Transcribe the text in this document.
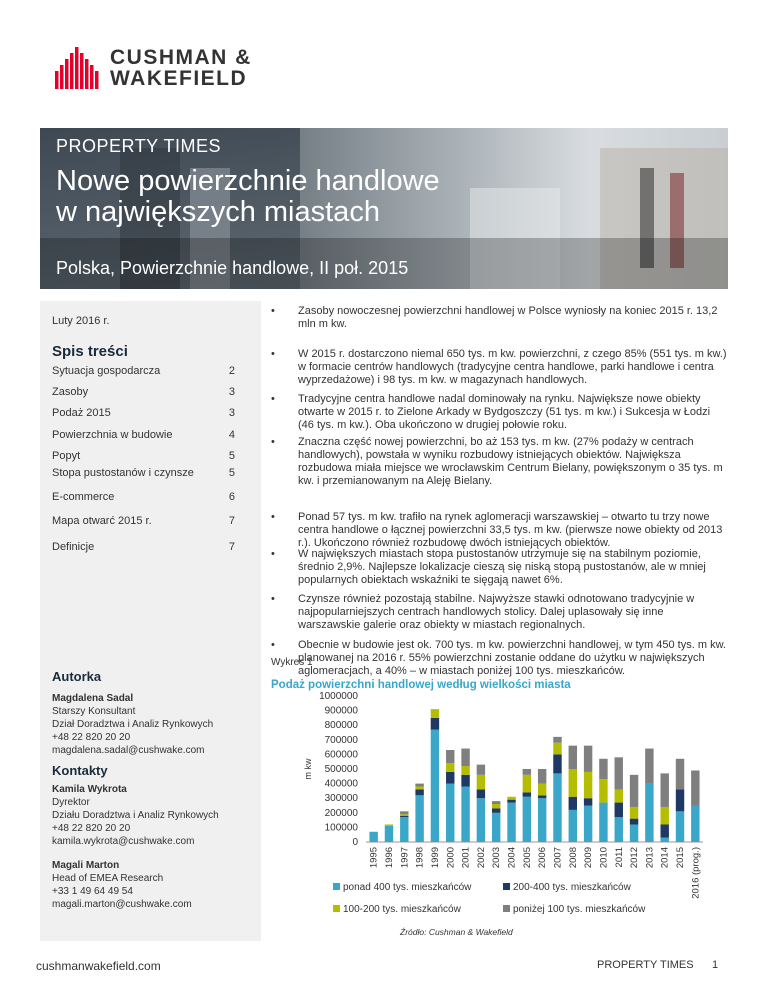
CUSHMAN &
WAKEFIELD
PROPERTY TIMES
Nowe powierzchnie handlowe
w największych miastach
Polska, Powierzchnie handlowe, II poł. 2015
Luty 2016 r.
Spis treści
Sytuacja gospodarcza	2
Zasoby	3
Podaż 2015	3
Powierzchnia w budowie	4
Popyt	5
Stopa pustostanów i czynsze	5
E-commerce	6
Mapa otwarć 2015 r.	7
Definicje	7
Autorka
Magdalena Sadal
Starszy Konsultant
Dział Doradztwa i Analiz Rynkowych
+48 22 820 20 20
magdalena.sadal@cushwake.com
Kontakty
Kamila Wykrota
Dyrektor
Działu Doradztwa i Analiz Rynkowych
+48 22 820 20 20
kamila.wykrota@cushwake.com
Magali Marton
Head of EMEA Research
+33 1 49 64 49 54
magali.marton@cushwake.com
• Zasoby nowoczesnej powierzchni handlowej w Polsce wyniosły na koniec 2015 r. 13,2 mln m kw.
• W 2015 r. dostarczono niemal 650 tys. m kw. powierzchni, z czego 85% (551 tys. m kw.) w formacie centrów handlowych (tradycyjne centra handlowe, parki handlowe i centra wyprzedażowe) i 98 tys. m kw. w magazynach handlowych.
• Tradycyjne centra handlowe nadal dominowały na rynku. Największe nowe obiekty otwarte w 2015 r. to Zielone Arkady w Bydgoszczy (51 tys. m kw.) i Sukcesja w Łodzi (46 tys. m kw.). Oba ukończono w drugiej połowie roku.
• Znaczna część nowej powierzchni, bo aż 153 tys. m kw. (27% podaży w centrach handlowych), powstała w wyniku rozbudowy istniejących obiektów. Największa rozbudowa miała miejsce we wrocławskim Centrum Bielany, powiększonym o 35 tys. m kw. i przemianowanym na Aleję Bielany.
• Ponad 57 tys. m kw. trafiło na rynek aglomeracji warszawskiej – otwarto tu trzy nowe centra handlowe o łącznej powierzchni 33,5 tys. m kw. (pierwsze nowe obiekty od 2013 r.). Ukończono również rozbudowę dwóch istniejących obiektów.
• W największych miastach stopa pustostanów utrzymuje się na stabilnym poziomie, średnio 2,9%. Najlepsze lokalizacje cieszą się niską stopą pustostanów, ale w mniej popularnych obiektach wskaźniki te sięgają nawet 6%.
• Czynsze również pozostają stabilne. Najwyższe stawki odnotowano tradycyjnie w najpopularniejszych centrach handlowych stolicy. Dalej uplasowały się inne warszawskie galerie oraz obiekty w miastach regionalnych.
• Obecnie w budowie jest ok. 700 tys. m kw. powierzchni handlowej, w tym 450 tys. m kw. planowanej na 2016 r. 55% powierzchni zostanie oddane do użytku w największych aglomeracjach, a 40% – w miastach poniżej 100 tys. mieszkańców.
Wykres 1
Podaż powierzchni handlowej według wielkości miasta
1000000
900000
800000
700000
600000
500000
400000
300000
200000
100000
0
m kw
1995 1996 1997 1998 1999 2000 2001 2002 2003 2004 2005 2006 2007 2008 2009 2010 2011 2012 2013 2014 2015 2016 (prog.)
ponad 400 tys. mieszkańców	200-400 tys. mieszkańców
100-200 tys. mieszkańców	poniżej 100 tys. mieszkańców
Źródło: Cushman & Wakefield
cushmanwakefield.com	PROPERTY TIMES 1
